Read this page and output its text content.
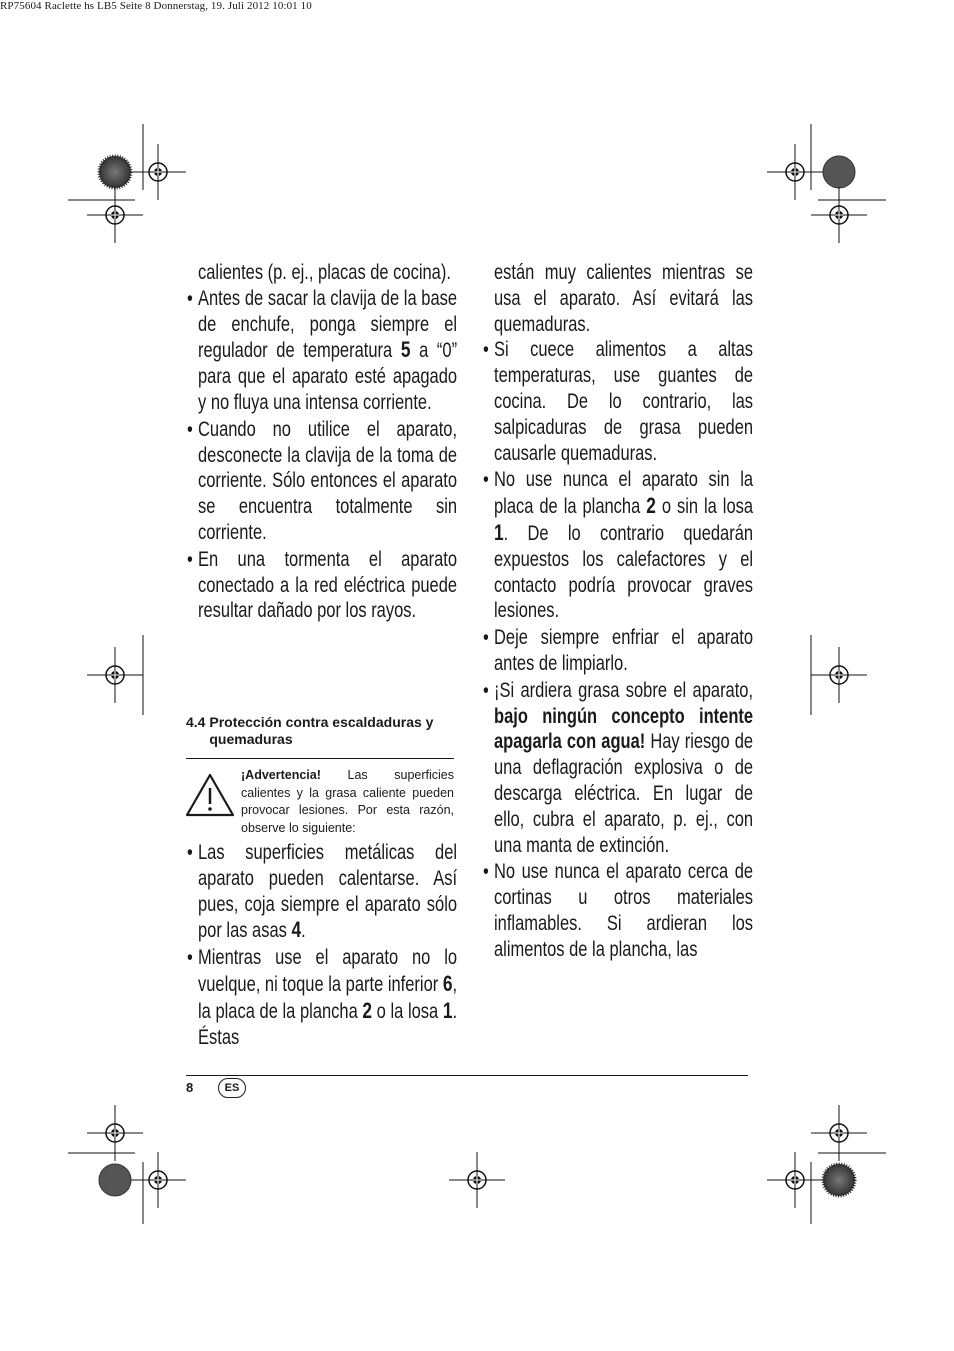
RP75604 Raclette hs LB5 Seite 8 Donnerstag, 19. Juli 2012 10:01 10

calientes (p. ej., placas de cocina).

• Antes de sacar la clavija de la base de enchufe, ponga siempre el regulador de temperatura 5 a “0” para que el aparato esté apagado y no fluya una intensa corriente.

• Cuando no utilice el aparato, desconecte la clavija de la toma de corriente. Sólo entonces el aparato se encuentra totalmente sin corriente.

• En una tormenta el aparato conectado a la red eléctrica puede resultar dañado por los rayos.

4.4 Protección contra escaldaduras y quemaduras
¡Advertencia! Las superficies calientes y la grasa caliente pueden provocar lesiones. Por esta razón, observe lo siguiente:

• Las superficies metálicas del aparato pueden calentarse. Así pues, coja siempre el aparato sólo por las asas 4.

• Mientras use el aparato no lo vuelque, ni toque la parte inferior 6, la placa de la plancha 2 o la losa 1. Éstas

están muy calientes mientras se usa el aparato. Así evitará las quemaduras.

• Si cuece alimentos a altas temperaturas, use guantes de cocina. De lo contrario, las salpicaduras de grasa pueden causarle quemaduras.

• No use nunca el aparato sin la placa de la plancha 2 o sin la losa 1. De lo contrario quedarán expuestos los calefactores y el contacto podría provocar graves lesiones.

• Deje siempre enfriar el aparato antes de limpiarlo.

• ¡Si ardiera grasa sobre el aparato, bajo ningún concepto intente apagarla con agua! Hay riesgo de una deflagración explosiva o de descarga eléctrica. En lugar de ello, cubra el aparato, p. ej., con una manta de extinción.

• No use nunca el aparato cerca de cortinas u otros materiales inflamables. Si ardieran los alimentos de la plancha, las

8	ES
